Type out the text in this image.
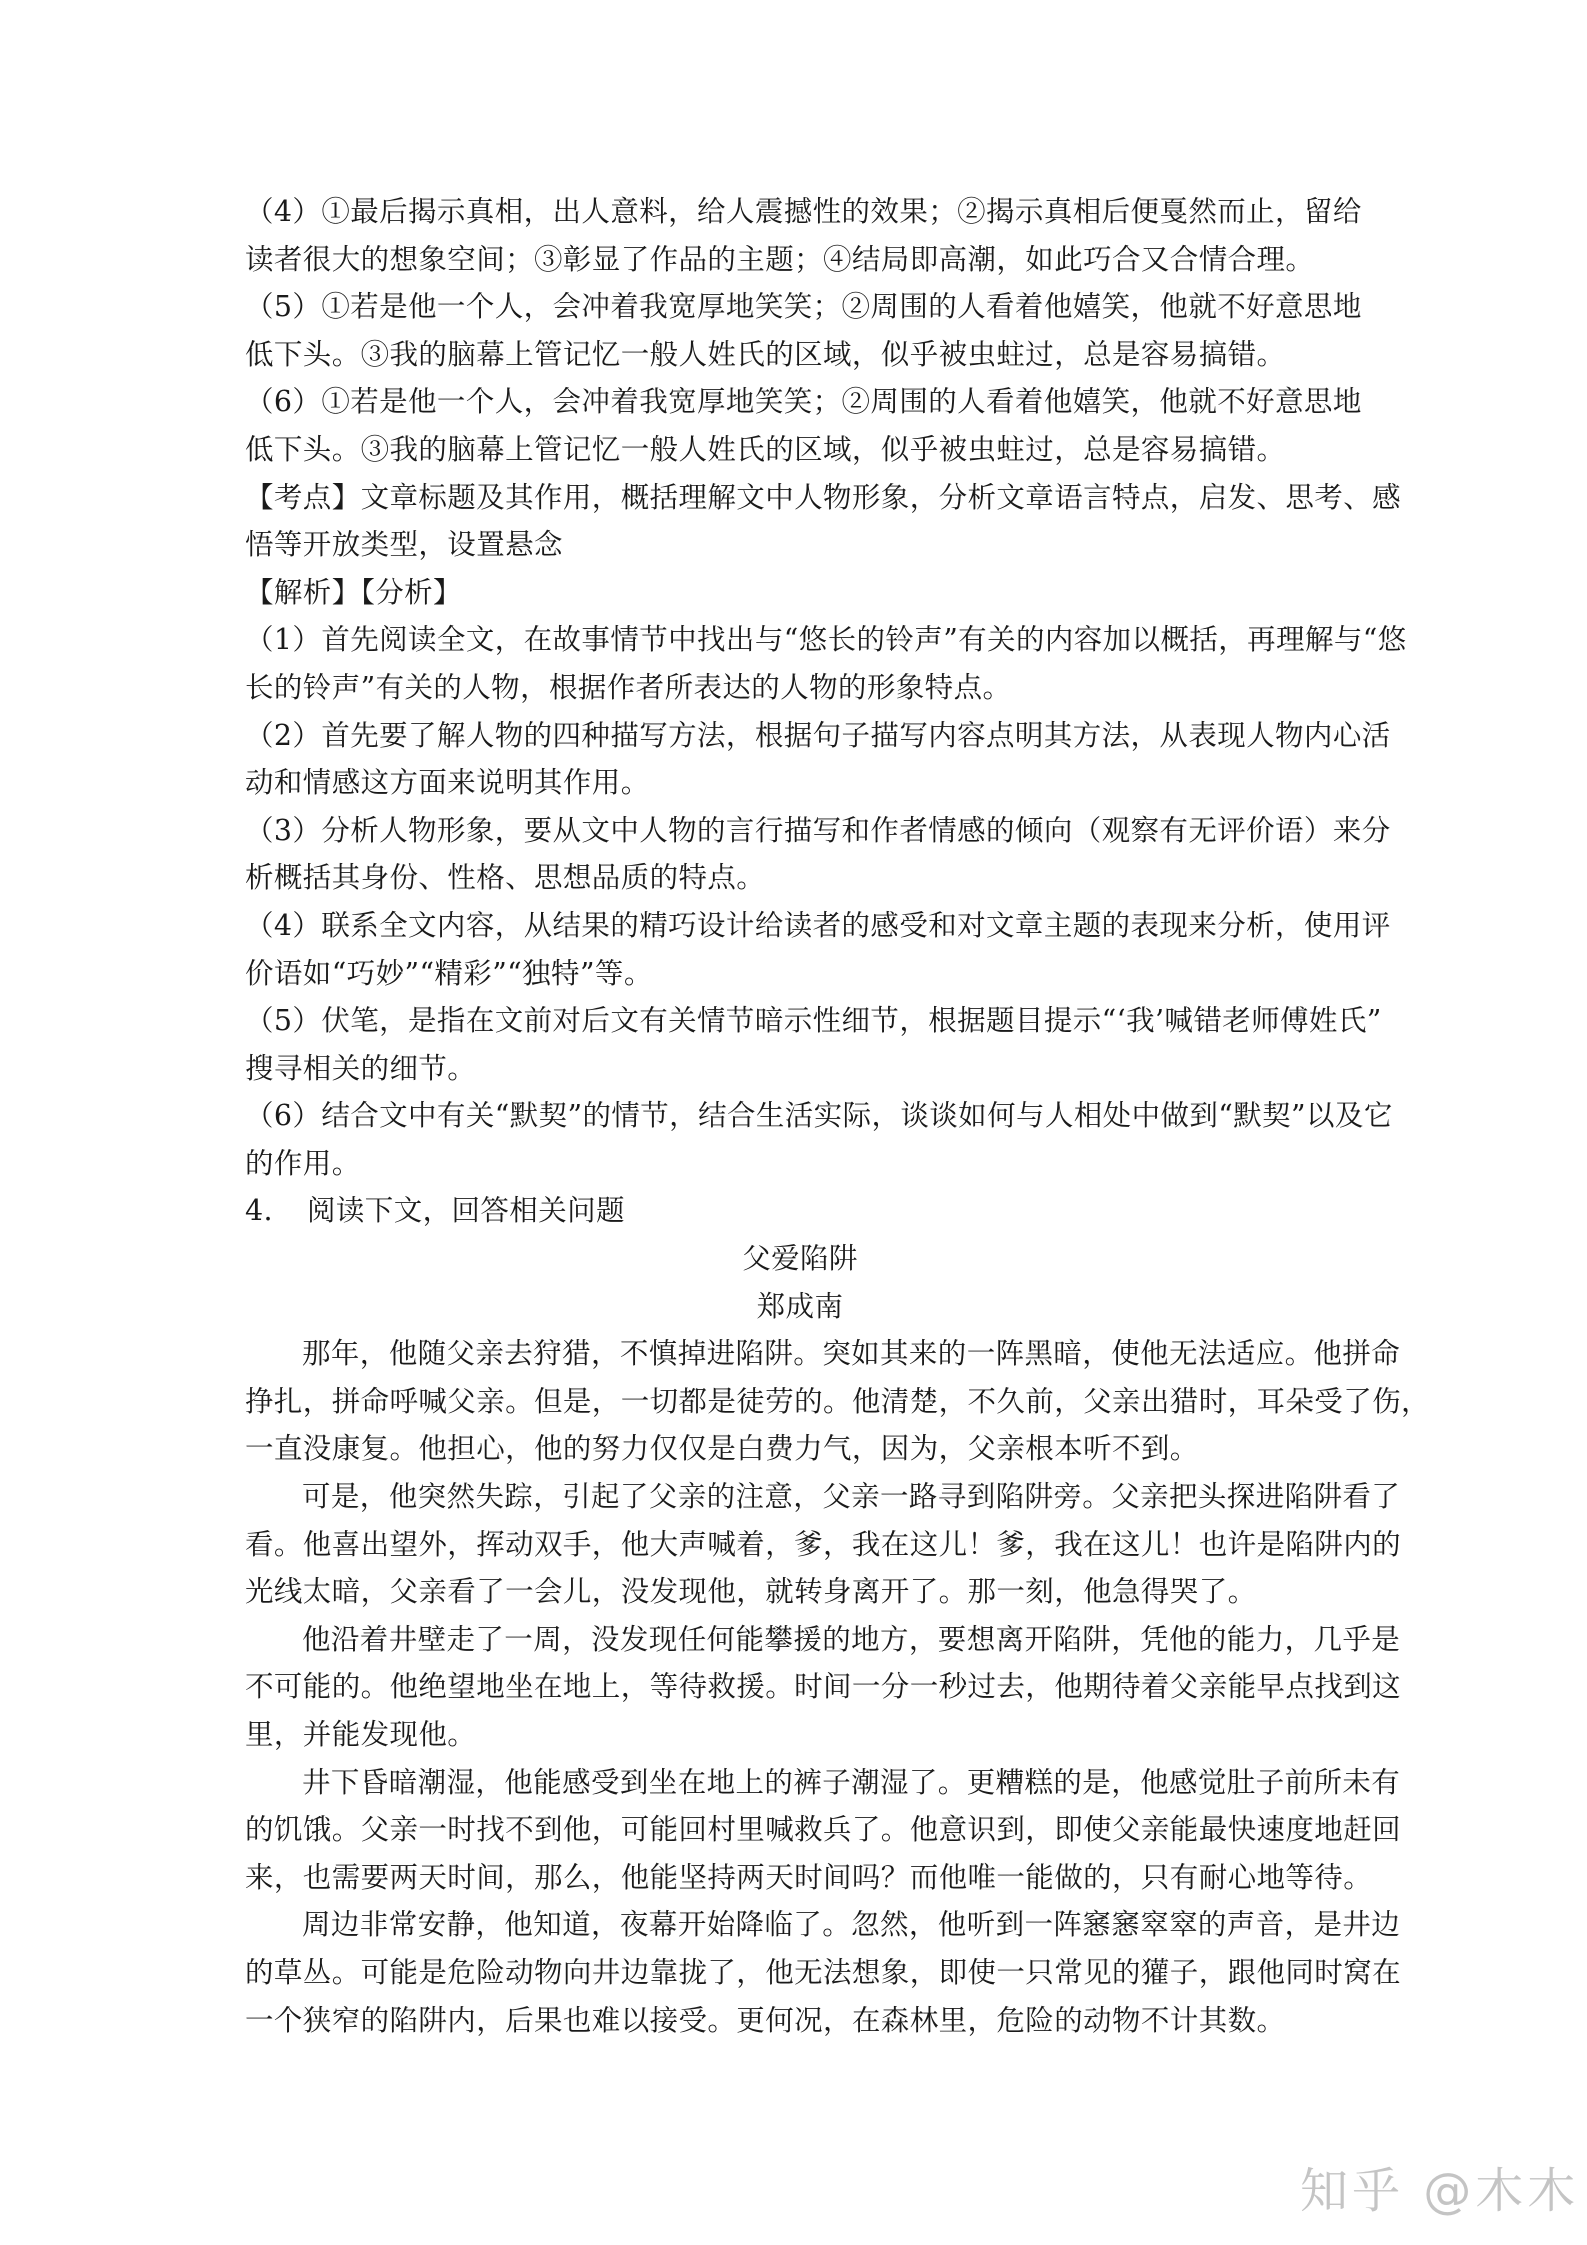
（4）①最后揭示真相，出人意料，给人震撼性的效果；②揭示真相后便戛然而止，留给
读者很大的想象空间；③彰显了作品的主题；④结局即高潮，如此巧合又合情合理。
（5）①若是他一个人，会冲着我宽厚地笑笑；②周围的人看着他嬉笑，他就不好意思地
低下头。③我的脑幕上管记忆一般人姓氏的区域，似乎被虫蛀过，总是容易搞错。
（6）①若是他一个人，会冲着我宽厚地笑笑；②周围的人看着他嬉笑，他就不好意思地
低下头。③我的脑幕上管记忆一般人姓氏的区域，似乎被虫蛀过，总是容易搞错。
【考点】文章标题及其作用，概括理解文中人物形象，分析文章语言特点，启发、思考、感
悟等开放类型，设置悬念
【解析】【分析】
（1）首先阅读全文，在故事情节中找出与“悠长的铃声”有关的内容加以概括，再理解与“悠
长的铃声”有关的人物，根据作者所表达的人物的形象特点。
（2）首先要了解人物的四种描写方法，根据句子描写内容点明其方法，从表现人物内心活
动和情感这方面来说明其作用。
（3）分析人物形象，要从文中人物的言行描写和作者情感的倾向（观察有无评价语）来分
析概括其身份、性格、思想品质的特点。
（4）联系全文内容，从结果的精巧设计给读者的感受和对文章主题的表现来分析，使用评
价语如“巧妙”“精彩”“独特”等。
（5）伏笔，是指在文前对后文有关情节暗示性细节，根据题目提示“‘我’喊错老师傅姓氏”
搜寻相关的细节。
（6）结合文中有关“默契”的情节，结合生活实际，谈谈如何与人相处中做到“默契”以及它
的作用。
4. 阅读下文，回答相关问题
父爱陷阱
郑成南
那年，他随父亲去狩猎，不慎掉进陷阱。突如其来的一阵黑暗，使他无法适应。他拼命
挣扎，拼命呼喊父亲。但是，一切都是徒劳的。他清楚，不久前，父亲出猎时，耳朵受了伤，
一直没康复。他担心，他的努力仅仅是白费力气，因为，父亲根本听不到。
可是，他突然失踪，引起了父亲的注意，父亲一路寻到陷阱旁。父亲把头探进陷阱看了
看。他喜出望外，挥动双手，他大声喊着，爹，我在这儿！爹，我在这儿！也许是陷阱内的
光线太暗，父亲看了一会儿，没发现他，就转身离开了。那一刻，他急得哭了。
他沿着井壁走了一周，没发现任何能攀援的地方，要想离开陷阱，凭他的能力，几乎是
不可能的。他绝望地坐在地上，等待救援。时间一分一秒过去，他期待着父亲能早点找到这
里，并能发现他。
井下昏暗潮湿，他能感受到坐在地上的裤子潮湿了。更糟糕的是，他感觉肚子前所未有
的饥饿。父亲一时找不到他，可能回村里喊救兵了。他意识到，即使父亲能最快速度地赶回
来，也需要两天时间，那么，他能坚持两天时间吗？而他唯一能做的，只有耐心地等待。
周边非常安静，他知道，夜幕开始降临了。忽然，他听到一阵窸窸窣窣的声音，是井边
的草丛。可能是危险动物向井边靠拢了，他无法想象，即使一只常见的獾子，跟他同时窝在
一个狭窄的陷阱内，后果也难以接受。更何况，在森林里，危险的动物不计其数。
知乎 @木木
